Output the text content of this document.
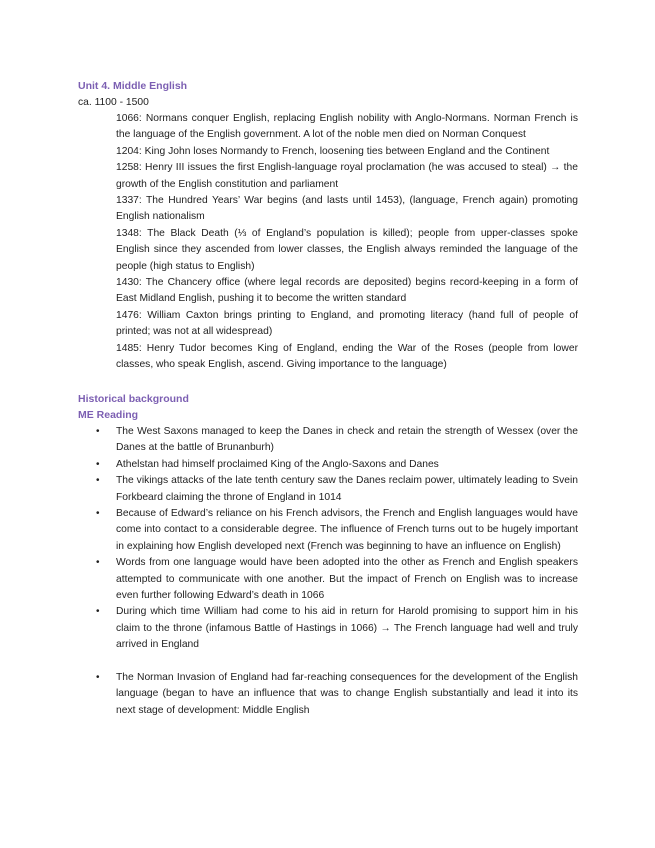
Unit 4. Middle English

ca. 1100 - 1500

1066: Normans conquer English, replacing English nobility with Anglo-Normans. Norman French is the language of the English government. A lot of the noble men died on Norman Conquest

1204: King John loses Normandy to French, loosening ties between England and the Continent

1258: Henry III issues the first English-language royal proclamation (he was accused to steal) → the growth of the English constitution and parliament

1337: The Hundred Years’ War begins (and lasts until 1453), (language, French again) promoting English nationalism

1348: The Black Death (⅓ of England’s population is killed); people from upper-classes spoke English since they ascended from lower classes, the English always reminded the language of the people (high status to English)

1430: The Chancery office (where legal records are deposited) begins record-keeping in a form of East Midland English, pushing it to become the written standard

1476: William Caxton brings printing to England, and promoting literacy (hand full of people of printed; was not at all widespread)

1485: Henry Tudor becomes King of England, ending the War of the Roses (people from lower classes, who speak English, ascend. Giving importance to the language)

Historical background

ME Reading

• The West Saxons managed to keep the Danes in check and retain the strength of Wessex (over the Danes at the battle of Brunanburh)
• Athelstan had himself proclaimed King of the Anglo-Saxons and Danes
• The vikings attacks of the late tenth century saw the Danes reclaim power, ultimately leading to Svein Forkbeard claiming the throne of England in 1014
• Because of Edward’s reliance on his French advisors, the French and English languages would have come into contact to a considerable degree. The influence of French turns out to be hugely important in explaining how English developed next (French was beginning to have an influence on English)
• Words from one language would have been adopted into the other as French and English speakers attempted to communicate with one another. But the impact of French on English was to increase even further following Edward’s death in 1066
• During which time William had come to his aid in return for Harold promising to support him in his claim to the throne (infamous Battle of Hastings in 1066) → The French language had well and truly arrived in England
• The Norman Invasion of England had far-reaching consequences for the development of the English language (began to have an influence that was to change English substantially and lead it into its next stage of development: Middle English
